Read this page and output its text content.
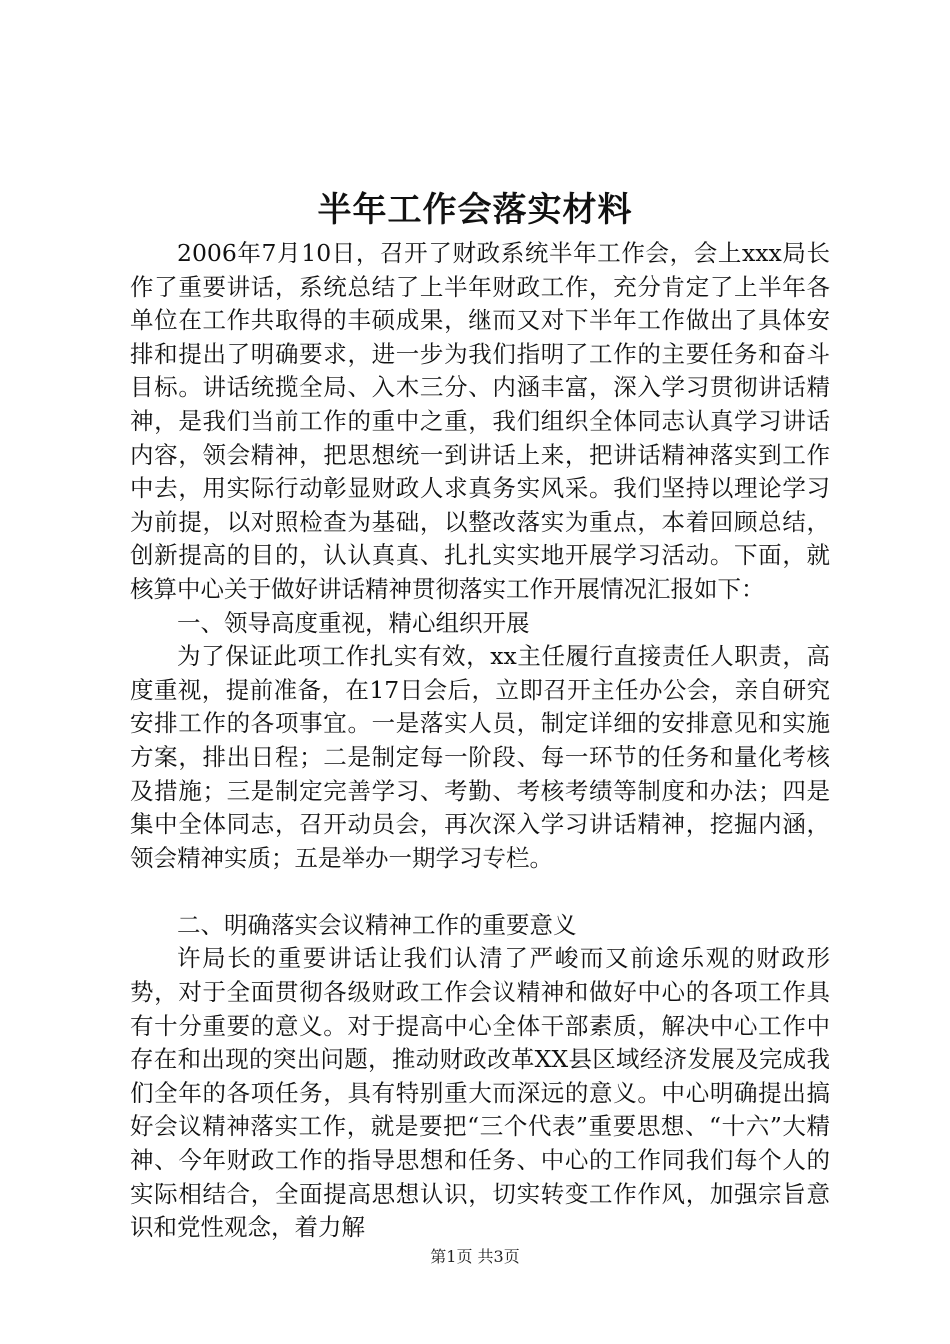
半年工作会落实材料

2006年7月10日，召开了财政系统半年工作会，会上xxx局长作了重要讲话，系统总结了上半年财政工作，充分肯定了上半年各单位在工作共取得的丰硕成果，继而又对下半年工作做出了具体安排和提出了明确要求，进一步为我们指明了工作的主要任务和奋斗目标。讲话统揽全局、入木三分、内涵丰富，深入学习贯彻讲话精神，是我们当前工作的重中之重，我们组织全体同志认真学习讲话内容，领会精神，把思想统一到讲话上来，把讲话精神落实到工作中去，用实际行动彰显财政人求真务实风采。我们坚持以理论学习为前提，以对照检查为基础，以整改落实为重点，本着回顾总结，创新提高的目的，认认真真、扎扎实实地开展学习活动。下面，就核算中心关于做好讲话精神贯彻落实工作开展情况汇报如下：

一、领导高度重视，精心组织开展

为了保证此项工作扎实有效，xx主任履行直接责任人职责，高度重视，提前准备，在17日会后，立即召开主任办公会，亲自研究安排工作的各项事宜。一是落实人员，制定详细的安排意见和实施方案，排出日程；二是制定每一阶段、每一环节的任务和量化考核及措施；三是制定完善学习、考勤、考核考绩等制度和办法；四是集中全体同志，召开动员会，再次深入学习讲话精神，挖掘内涵，领会精神实质；五是举办一期学习专栏。

二、明确落实会议精神工作的重要意义

许局长的重要讲话让我们认清了严峻而又前途乐观的财政形势，对于全面贯彻各级财政工作会议精神和做好中心的各项工作具有十分重要的意义。对于提高中心全体干部素质，解决中心工作中存在和出现的突出问题，推动财政改革XX县区域经济发展及完成我们全年的各项任务，具有特别重大而深远的意义。中心明确提出搞好会议精神落实工作，就是要把“三个代表”重要思想、“十六”大精神、今年财政工作的指导思想和任务、中心的工作同我们每个人的实际相结合，全面提高思想认识，切实转变工作作风，加强宗旨意识和党性观念，着力解

第1页 共3页
